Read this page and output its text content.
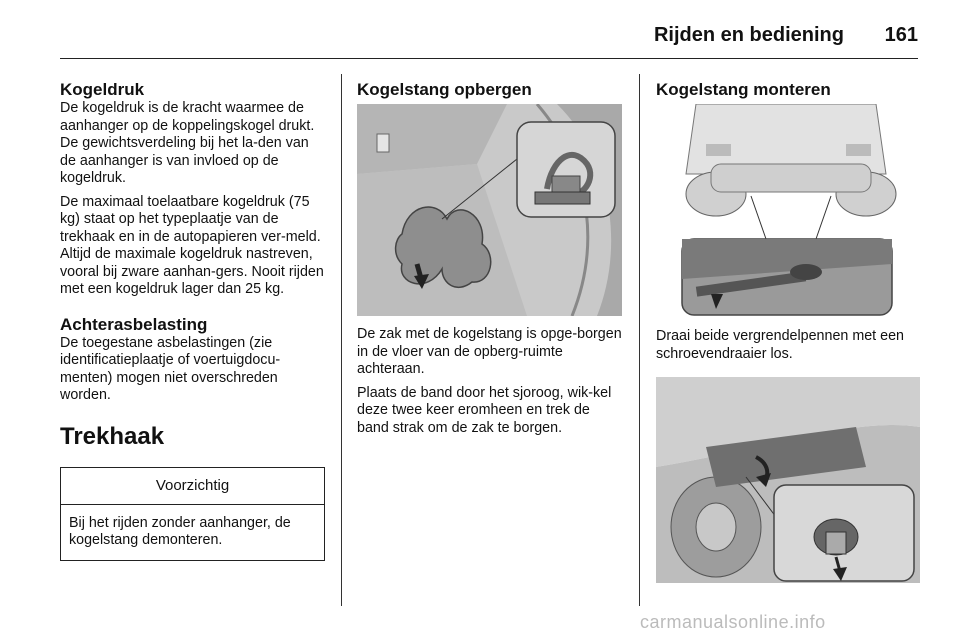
Rijden en bediening 161
Kogeldruk

De kogeldruk is de kracht waarmee de aanhanger op de koppelingskogel drukt. De gewichtsverdeling bij het la-den van de aanhanger is van invloed op de kogeldruk.

De maximaal toelaatbare kogeldruk (75 kg) staat op het typeplaatje van de trekhaak en in de autopapieren ver-meld. Altijd de maximale kogeldruk nastreven, vooral bij zware aanhan-gers. Nooit rijden met een kogeldruk lager dan 25 kg.

Achterasbelasting

De toegestane asbelastingen (zie identificatieplaatje of voertuigdocu-menten) mogen niet overschreden worden.

Trekhaak
Voorzichtig

Bij het rijden zonder aanhanger, de kogelstang demonteren.

Kogelstang opbergen

De zak met de kogelstang is opge-borgen in de vloer van de opberg-ruimte achteraan.

Plaats de band door het sjoroog, wik-kel deze twee keer eromheen en trek de band strak om de zak te borgen.

Kogelstang monteren

Draai beide vergrendelpennen met een schroevendraaier los.

carmanualsonline.info
